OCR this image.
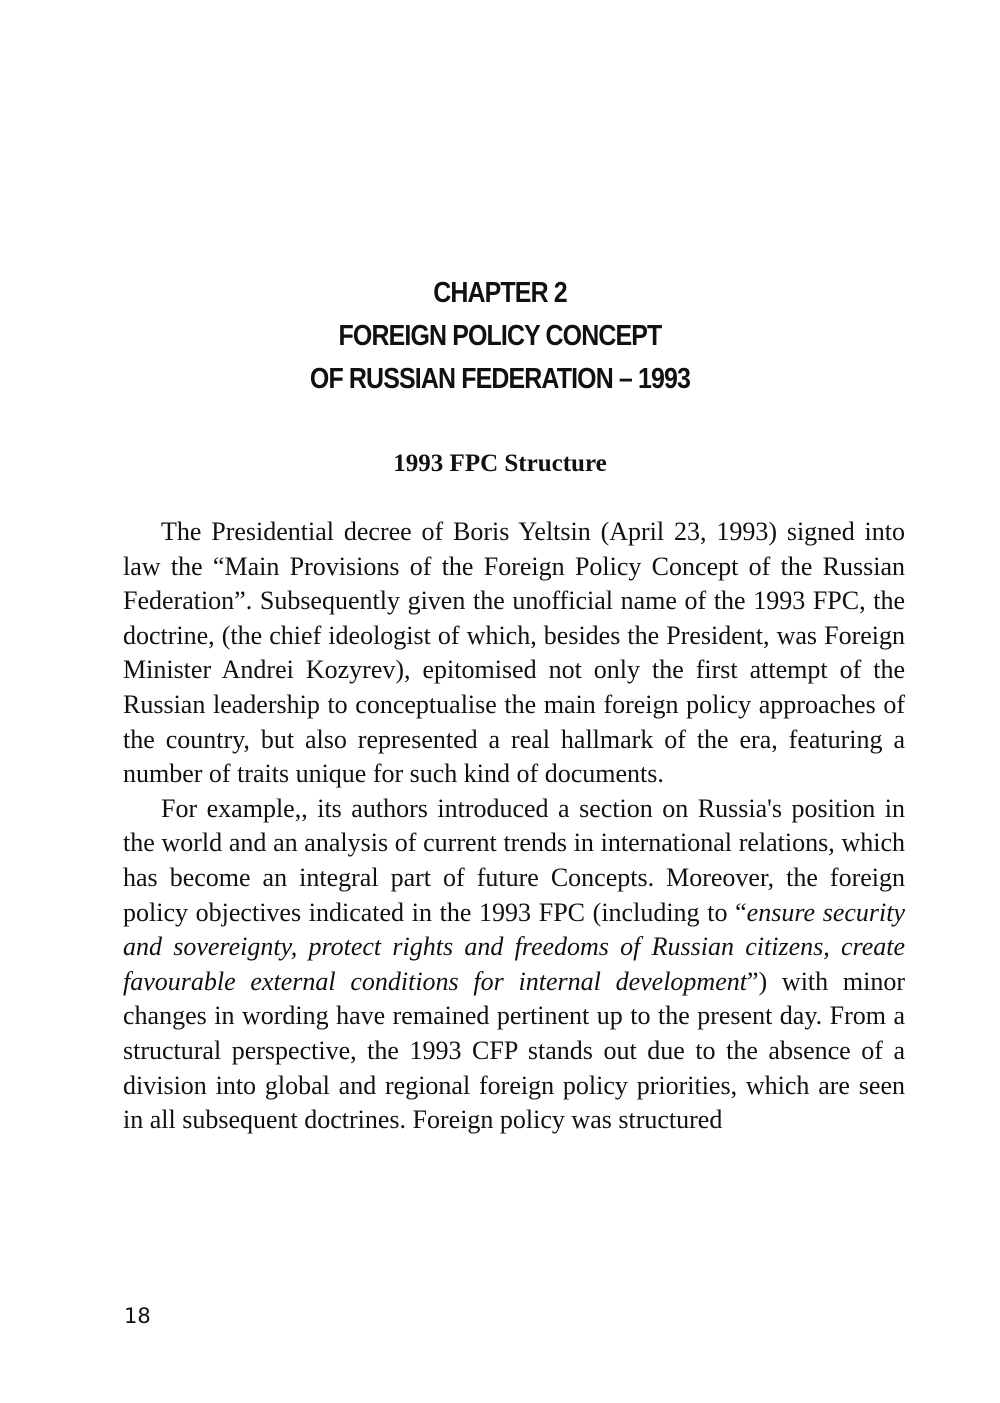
CHAPTER 2
FOREIGN POLICY CONCEPT
OF RUSSIAN FEDERATION – 1993
1993 FPC Structure

The Presidential decree of Boris Yeltsin (April 23, 1993) signed into law the “Main Provisions of the Foreign Policy Concept of the Russian Federation”. Subsequently given the unofficial name of the 1993 FPC, the doctrine, (the chief ideologist of which, besides the President, was Foreign Minister Andrei Kozyrev), epitomised not only the first attempt of the Russian leadership to conceptualise the main foreign policy approaches of the country, but also represented a real hallmark of the era, featuring a number of traits unique for such kind of documents.

For example,, its authors introduced a section on Russia's position in the world and an analysis of current trends in international relations, which has become an integral part of future Concepts. Moreover, the foreign policy objectives indicated in the 1993 FPC (including to “ensure security and sovereignty, protect rights and freedoms of Russian citizens, create favourable external conditions for internal development”) with minor changes in wording have remained pertinent up to the present day. From a structural perspective, the 1993 CFP stands out due to the absence of a division into global and regional foreign policy priorities, which are seen in all subsequent doctrines. Foreign policy was structured

18
